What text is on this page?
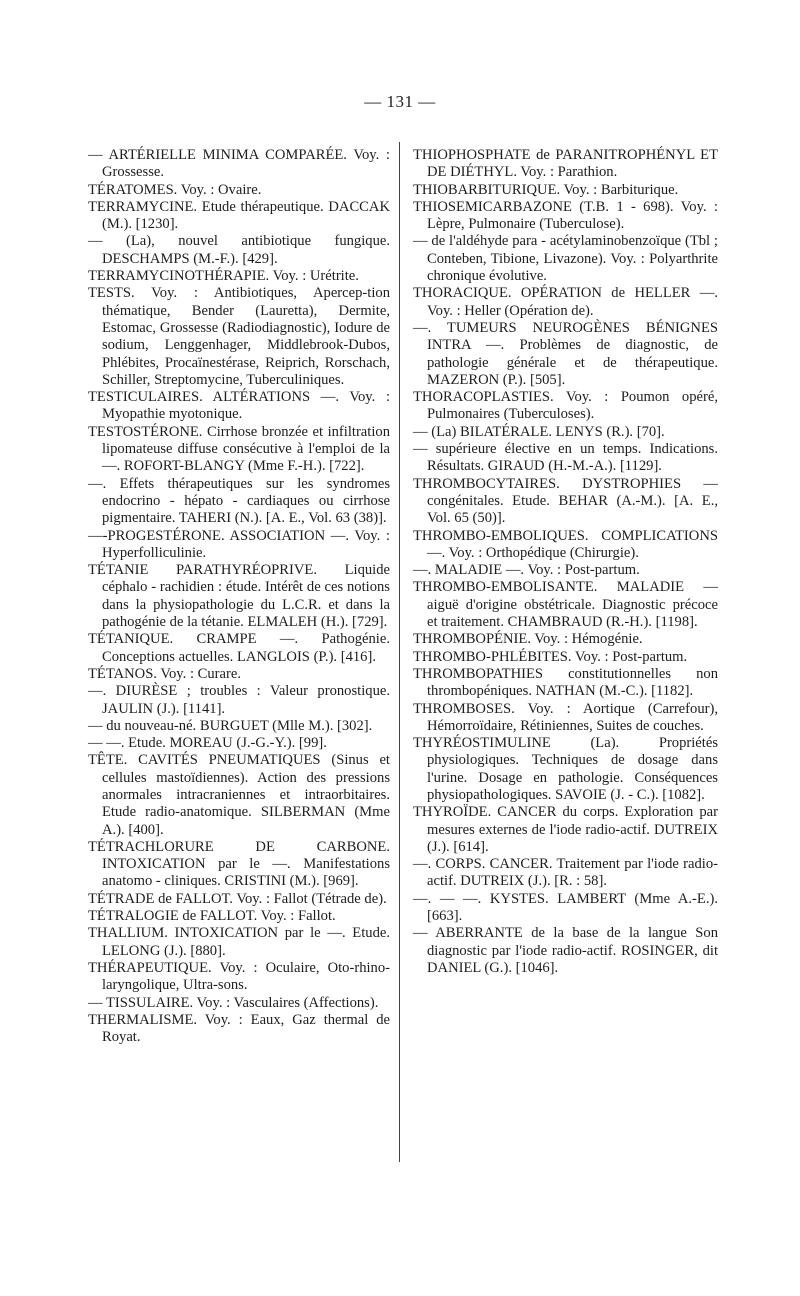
— 131 —

— ARTÉRIELLE MINIMA COMPARÉE. Voy. : Grossesse.

TÉRATOMES. Voy. : Ovaire.

TERRAMYCINE. Etude thérapeutique. DACCAK (M.). [1230].

— (La), nouvel antibiotique fungique. DESCHAMPS (M.-F.). [429].

TERRAMYCINOTHÉRAPIE. Voy. : Urétrite.

TESTS. Voy. : Antibiotiques, Apercep-tion thématique, Bender (Lauretta), Dermite, Estomac, Grossesse (Radiodiagnostic), Iodure de sodium, Lenggenhager, Middlebrook-Dubos, Phlébites, Procaïnestérase, Reiprich, Rorschach, Schiller, Streptomycine, Tuberculiniques.

TESTICULAIRES. ALTÉRATIONS —. Voy. : Myopathie myotonique.

TESTOSTÉRONE. Cirrhose bronzée et infiltration lipomateuse diffuse consécutive à l'emploi de la —. ROFORT-BLANGY (Mme F.-H.). [722].

—. Effets thérapeutiques sur les syndromes endocrino - hépato - cardiaques ou cirrhose pigmentaire. TAHERI (N.). [A. E., Vol. 63 (38)].

—-PROGESTÉRONE. ASSOCIATION —. Voy. : Hyperfolliculinie.

TÉTANIE PARATHYRÉOPRIVE. Liquide céphalo - rachidien : étude. Intérêt de ces notions dans la physiopathologie du L.C.R. et dans la pathogénie de la tétanie. ELMALEH (H.). [729].

TÉTANIQUE. CRAMPE —. Pathogénie. Conceptions actuelles. LANGLOIS (P.). [416].

TÉTANOS. Voy. : Curare.

—. DIURÈSE ; troubles : Valeur pronostique. JAULIN (J.). [1141].

— du nouveau-né. BURGUET (Mlle M.). [302].

— —. Etude. MOREAU (J.-G.-Y.). [99].

TÊTE. CAVITÉS PNEUMATIQUES (Sinus et cellules mastoïdiennes). Action des pressions anormales intracraniennes et intraorbitaires. Etude radio-anatomique. SILBERMAN (Mme A.). [400].

TÉTRACHLORURE DE CARBONE. INTOXICATION par le —. Manifestations anatomo - cliniques. CRISTINI (M.). [969].

TÉTRADE de FALLOT. Voy. : Fallot (Tétrade de).

TÉTRALOGIE de FALLOT. Voy. : Fallot.

THALLIUM. INTOXICATION par le —. Etude. LELONG (J.). [880].

THÉRAPEUTIQUE. Voy. : Oculaire, Oto-rhino-laryngolique, Ultra-sons.

— TISSULAIRE. Voy. : Vasculaires (Affections).

THERMALISME. Voy. : Eaux, Gaz thermal de Royat.

THIOPHOSPHATE de PARANITROPHÉNYL ET DE DIÉTHYL. Voy. : Parathion.

THIOBARBITURIQUE. Voy. : Barbiturique.

THIOSEMICARBAZONE (T.B. 1 - 698). Voy. : Lèpre, Pulmonaire (Tuberculose).

— de l'aldéhyde para - acétylaminobenzoïque (Tbl ; Conteben, Tibione, Livazone). Voy. : Polyarthrite chronique évolutive.

THORACIQUE. OPÉRATION de HELLER —. Voy. : Heller (Opération de).

—. TUMEURS NEUROGÈNES BÉNIGNES INTRA —. Problèmes de diagnostic, de pathologie générale et de thérapeutique. MAZERON (P.). [505].

THORACOPLASTIES. Voy. : Poumon opéré, Pulmonaires (Tuberculoses).

— (La) BILATÉRALE. LENYS (R.). [70].

— supérieure élective en un temps. Indications. Résultats. GIRAUD (H.-M.-A.). [1129].

THROMBOCYTAIRES. DYSTROPHIES — congénitales. Etude. BEHAR (A.-M.). [A. E., Vol. 65 (50)].

THROMBO-EMBOLIQUES. COMPLICATIONS —. Voy. : Orthopédique (Chirurgie).

—. MALADIE —. Voy. : Post-partum.

THROMBO-EMBOLISANTE. MALADIE — aiguë d'origine obstétricale. Diagnostic précoce et traitement. CHAMBRAUD (R.-H.). [1198].

THROMBOPÉNIE. Voy. : Hémogénie.

THROMBO-PHLÉBITES. Voy. : Post-partum.

THROMBOPATHIES constitutionnelles non thrombopéniques. NATHAN (M.-C.). [1182].

THROMBOSES. Voy. : Aortique (Carrefour), Hémorroïdaire, Rétiniennes, Suites de couches.

THYRÉOSTIMULINE (La). Propriétés physiologiques. Techniques de dosage dans l'urine. Dosage en pathologie. Conséquences physiopathologiques. SAVOIE (J. - C.). [1082].

THYROÏDE. CANCER du corps. Exploration par mesures externes de l'iode radio-actif. DUTREIX (J.). [614].

—. CORPS. CANCER. Traitement par l'iode radio-actif. DUTREIX (J.). [R. : 58].

—. — —. KYSTES. LAMBERT (Mme A.-E.). [663].

— ABERRANTE de la base de la langue Son diagnostic par l'iode radio-actif. ROSINGER, dit DANIEL (G.). [1046].
